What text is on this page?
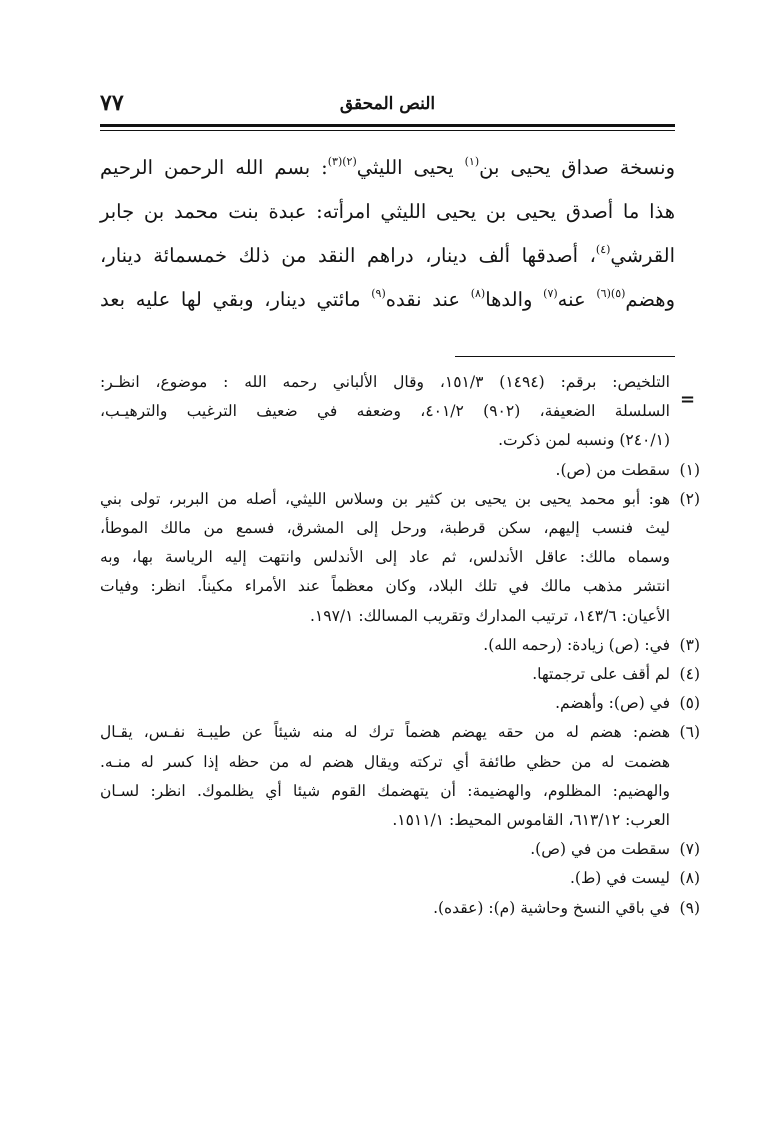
٧٧	النص المحقق
ونسخة صداق يحيى بن$^{(١)}$ يحيى الليثي$^{(٢)(٣)}$: بسم الله الرحمن الرحيم
هذا ما أصدق يحيى بن يحيى الليثي امرأته: عبدة بنت محمد بن جابر
القرشي$^{(٤)}$، أصدقها ألف دينار، دراهم النقد من ذلك خمسمائة دينار،
وهضم$^{(٥)(٦)}$ عنه$^{(٧)}$ والدها$^{(٨)}$ عند نقده$^{(٩)}$ مائتي دينار، وبقي لها عليه بعد
=
التلخيص: برقم: (١٤٩٤) ١٥١/٣، وقال الألباني رحمه الله : موضوع، انظـر:
السلسلة الضعيفة، (٩٠٢) ٤٠١/٢، وضعفه في ضعيف الترغيب والترهيـب،
(٢٤٠/١) ونسبه لمن ذكرت.
(١)
سقطت من (ص).
(٢)
هو: أبو محمد يحيى بن يحيى بن كثير بن وسلاس الليثي، أصله من البربر، تولى بني
ليث فنسب إليهم، سكن قرطبة، ورحل إلى المشرق، فسمع من مالك الموطأ،
وسماه مالك: عاقل الأندلس، ثم عاد إلى الأندلس وانتهت إليه الرياسة بها، وبه
انتشر مذهب مالك في تلك البلاد، وكان معظماً عند الأمراء مكيناً. انظر: وفيات
الأعيان: ١٤٣/٦، ترتيب المدارك وتقريب المسالك: ١٩٧/١.
(٣)
في: (ص) زيادة: (رحمه الله).
(٤)
لم أقف على ترجمتها.
(٥)
في (ص): وأهضم.
(٦)
هضم: هضم له من حقه يهضم هضماً ترك له منه شيئاً عن طيبـة نفـس، يقـال
هضمت له من حظي طائفة أي تركته ويقال هضم له من حظه إذا كسر له منـه.
والهضيم: المظلوم، والهضيمة: أن يتهضمك القوم شيئا أي يظلموك. انظر: لسـان
العرب: ٦١٣/١٢، القاموس المحيط: ١٥١١/١.
(٧)
سقطت من في (ص).
(٨)
ليست في (ط).
(٩)
في باقي النسخ وحاشية (م): (عقده).
